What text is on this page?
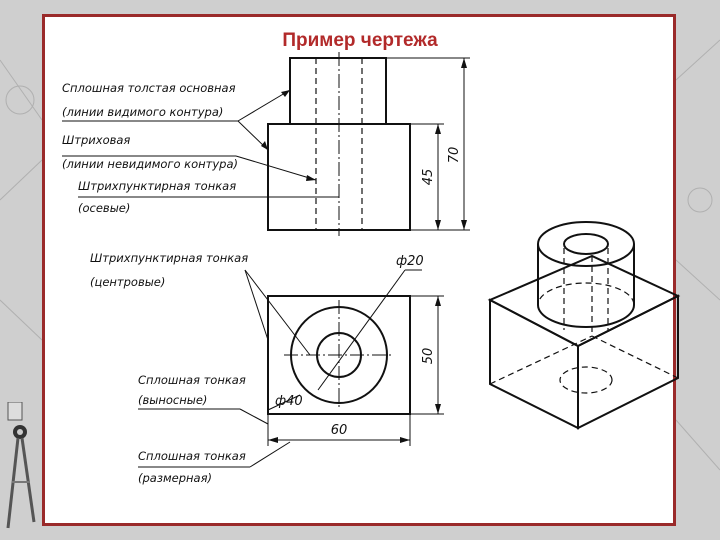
Пример чертежа
70
45
ф20
ф40
50
60
Сплошная толстая основная
(линии видимого контура)
Штриховая
(линии невидимого контура)
Штрихпунктирная тонкая
(осевые)
Штрихпунктирная тонкая
(центровые)
Сплошная тонкая
(выносные)
Сплошная тонкая
(размерная)
